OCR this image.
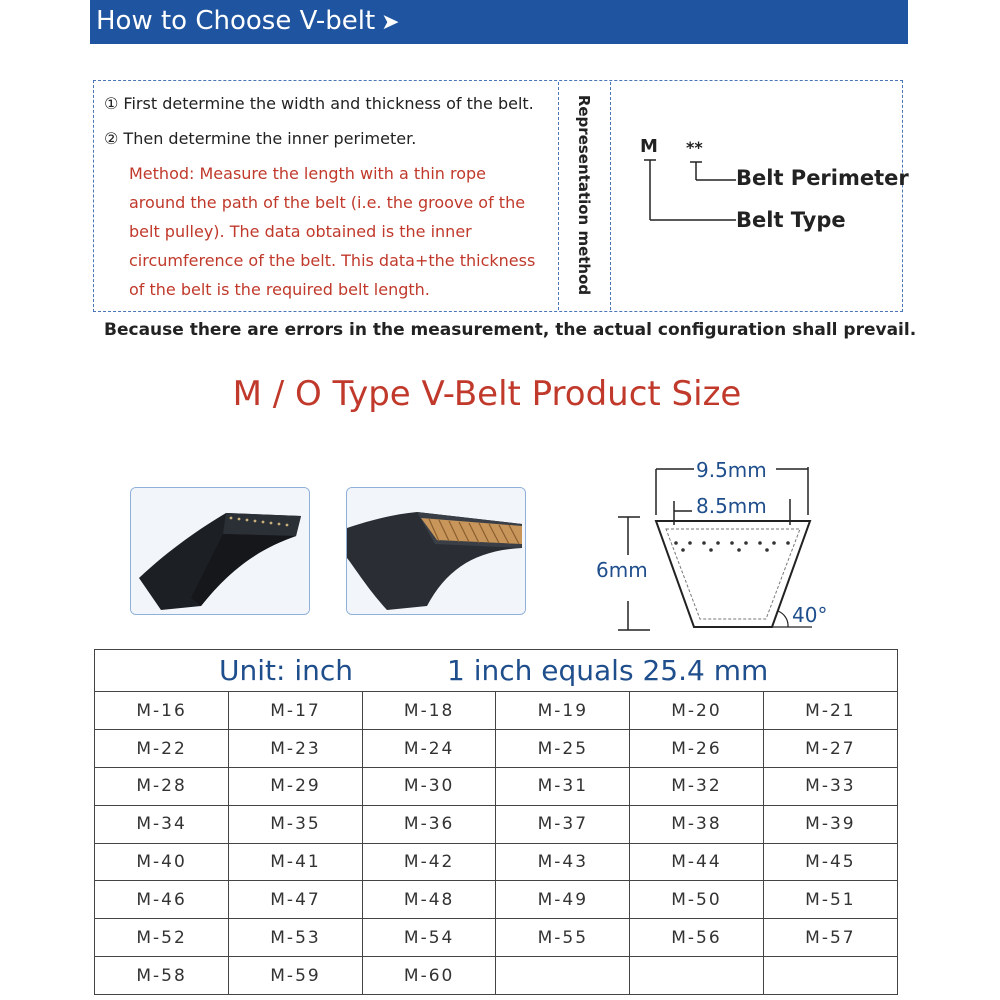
How to Choose V-belt ➤
① First determine the width and thickness of the belt.
② Then determine the inner perimeter.
Method: Measure the length with a thin rope
around the path of the belt (i.e. the groove of the
belt pulley). The data obtained is the inner
circumference of the belt. This data+the thickness
of the belt is the required belt length.	Representation method	M **
Belt Perimeter
Belt Type
Because there are errors in the measurement, the actual configuration shall prevail.
M / O Type V-Belt Product Size
9.5mm
8.5mm
6mm
40°
Unit: inch	1 inch equals 25.4 mm
M-16	M-17	M-18	M-19	M-20	M-21
M-22	M-23	M-24	M-25	M-26	M-27
M-28	M-29	M-30	M-31	M-32	M-33
M-34	M-35	M-36	M-37	M-38	M-39
M-40	M-41	M-42	M-43	M-44	M-45
M-46	M-47	M-48	M-49	M-50	M-51
M-52	M-53	M-54	M-55	M-56	M-57
M-58	M-59	M-60			
